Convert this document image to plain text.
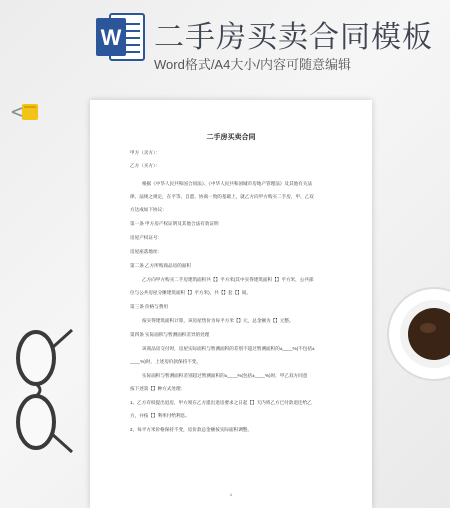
W 二手房买卖合同模板
Word格式/A4大小/内容可随意编辑
二手房买卖合同
甲方（卖方）：
乙方（买方）：
根据《中华人民共和国合同法》、《中华人民共和国城市房地产管理法》及其他有关法
律、法规之规定，在平等、自愿、协商一致的基础上，就乙方向甲方购买二手房，甲、乙双
方达成如下协议：
第一条 甲方房产权证明及其他合法有效证明
房屋产权证号：
房屋座落地址：
第二条 乙方所购商品房的面积
乙方向甲方购买二手房建筑面积共【】平方米(其中实得建筑面积【】平方米，公共部
位与公共房屋分摊建筑面积【】平方米)，共【】套【】间。
第三条 价格与费用
按实得建筑面积计算，该房屋售价为每平方米【】元，总金额为【】元整。
第四条 实际面积与暂测面积差异的处理
该商品房交付时，房屋实际面积与暂测面积的差别不超过暂测面积的±____%(不包括±
____%)时，上述房价款保持不变。
实际面积与暂测面积差别超过暂测面积的±____%(包括±____%)时，甲乙双方同意
按下述第【】种方式处理：
1、乙方有权提出退房，甲方须在乙方提出退房要求之日起【】天内将乙方已付款退还给乙
方，并按【】利率付给利息。
2、每平方米价格保持不变，房价款总金额按实际面积调整。
1
